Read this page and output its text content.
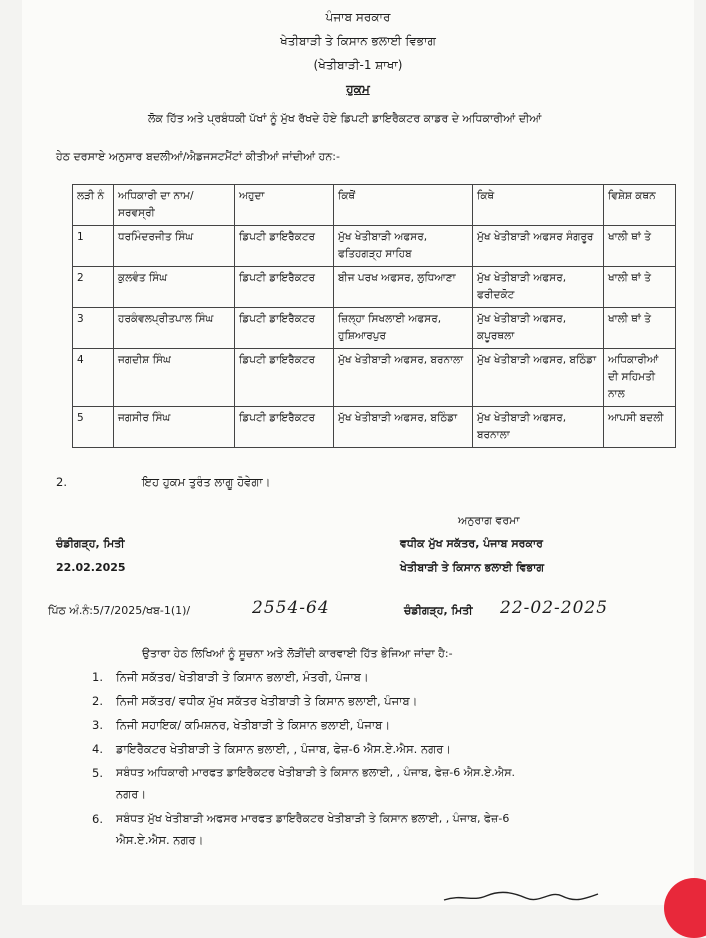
ਪੰਜਾਬ ਸਰਕਾਰ
ਖੇਤੀਬਾੜੀ ਤੇ ਕਿਸਾਨ ਭਲਾਈ ਵਿਭਾਗ
(ਖੇਤੀਬਾੜੀ-1 ਸ਼ਾਖਾ)
ਹੁਕਮ
ਲੋਕ ਹਿੱਤ ਅਤੇ ਪ੍ਰਬੰਧਕੀ ਪੱਖਾਂ ਨੂੰ ਮੁੱਖ ਰੱਖਦੇ ਹੋਏ ਡਿਪਟੀ ਡਾਇਰੈਕਟਰ ਕਾਡਰ ਦੇ ਅਧਿਕਾਰੀਆਂ ਦੀਆਂ
ਹੇਠ ਦਰਸਾਏ ਅਨੁਸਾਰ ਬਦਲੀਆਂ/ਐਡਜਸਟਮੈਂਟਾਂ ਕੀਤੀਆਂ ਜਾਂਦੀਆਂ ਹਨ:-
ਲੜੀ ਨੰ	ਅਧਿਕਾਰੀ ਦਾ ਨਾਮ/ਸਰਵਸ੍ਰੀ	ਅਹੁਦਾ	ਕਿਥੋਂ	ਕਿਥੇ	ਵਿਸ਼ੇਸ਼ ਕਥਨ
1	ਧਰਮਿੰਦਰਜੀਤ ਸਿੰਘ	ਡਿਪਟੀ ਡਾਇਰੈਕਟਰ	ਮੁੱਖ ਖੇਤੀਬਾੜੀ ਅਫਸਰ, ਫਤਿਹਗੜ੍ਹ ਸਾਹਿਬ	ਮੁੱਖ ਖੇਤੀਬਾੜੀ ਅਫਸਰ ਸੰਗਰੂਰ	ਖਾਲੀ ਥਾਂ ਤੇ
2	ਕੁਲਵੰਤ ਸਿੰਘ	ਡਿਪਟੀ ਡਾਇਰੈਕਟਰ	ਬੀਜ ਪਰਖ ਅਫਸਰ, ਲੁਧਿਆਣਾ	ਮੁੱਖ ਖੇਤੀਬਾੜੀ ਅਫਸਰ, ਫਰੀਦਕੋਟ	ਖਾਲੀ ਥਾਂ ਤੇ
3	ਹਰਕੰਵਲਪ੍ਰੀਤਪਾਲ ਸਿੰਘ	ਡਿਪਟੀ ਡਾਇਰੈਕਟਰ	ਜ਼ਿਲ੍ਹਾ ਸਿਖਲਾਈ ਅਫਸਰ, ਹੁਸ਼ਿਆਰਪੁਰ	ਮੁੱਖ ਖੇਤੀਬਾੜੀ ਅਫਸਰ, ਕਪੂਰਥਲਾ	ਖਾਲੀ ਥਾਂ ਤੇ
4	ਜਗਦੀਸ਼ ਸਿੰਘ	ਡਿਪਟੀ ਡਾਇਰੈਕਟਰ	ਮੁੱਖ ਖੇਤੀਬਾੜੀ ਅਫਸਰ, ਬਰਨਾਲਾ	ਮੁੱਖ ਖੇਤੀਬਾੜੀ ਅਫਸਰ, ਬਠਿੰਡਾ	ਅਧਿਕਾਰੀਆਂ ਦੀ ਸਹਿਮਤੀ ਨਾਲ
5	ਜਗਸੀਰ ਸਿੰਘ	ਡਿਪਟੀ ਡਾਇਰੈਕਟਰ	ਮੁੱਖ ਖੇਤੀਬਾੜੀ ਅਫਸਰ, ਬਠਿੰਡਾ	ਮੁੱਖ ਖੇਤੀਬਾੜੀ ਅਫਸਰ, ਬਰਨਾਲਾ	ਆਪਸੀ ਬਦਲੀ
2.	ਇਹ ਹੁਕਮ ਤੁਰੰਤ ਲਾਗੂ ਹੋਵੇਗਾ।
ਅਨੁਰਾਗ ਵਰਮਾ
ਵਧੀਕ ਮੁੱਖ ਸਕੱਤਰ, ਪੰਜਾਬ ਸਰਕਾਰ
ਖੇਤੀਬਾੜੀ ਤੇ ਕਿਸਾਨ ਭਲਾਈ ਵਿਭਾਗ
ਚੰਡੀਗੜ੍ਹ, ਮਿਤੀ
22.02.2025
ਪਿੱਠ ਅੰ.ਨੰ:5/7/2025/ਖਬ-1(1)/	2554-64	ਚੰਡੀਗੜ੍ਹ, ਮਿਤੀ 22-02-2025
ਉਤਾਰਾ ਹੇਠ ਲਿਖਿਆਂ ਨੂੰ ਸੂਚਨਾ ਅਤੇ ਲੋੜੀਂਦੀ ਕਾਰਵਾਈ ਹਿੱਤ ਭੇਜਿਆ ਜਾਂਦਾ ਹੈ:-
1. ਨਿਜੀ ਸਕੱਤਰ/ ਖੇਤੀਬਾੜੀ ਤੇ ਕਿਸਾਨ ਭਲਾਈ, ਮੰਤਰੀ, ਪੰਜਾਬ।
2. ਨਿਜੀ ਸਕੱਤਰ/ ਵਧੀਕ ਮੁੱਖ ਸਕੱਤਰ ਖੇਤੀਬਾੜੀ ਤੇ ਕਿਸਾਨ ਭਲਾਈ, ਪੰਜਾਬ।
3. ਨਿਜੀ ਸਹਾਇਕ/ ਕਮਿਸ਼ਨਰ, ਖੇਤੀਬਾੜੀ ਤੇ ਕਿਸਾਨ ਭਲਾਈ, ਪੰਜਾਬ।
4. ਡਾਇਰੈਕਟਰ ਖੇਤੀਬਾੜੀ ਤੇ ਕਿਸਾਨ ਭਲਾਈ, , ਪੰਜਾਬ, ਫੇਜ਼-6 ਐਸ.ਏ.ਐਸ. ਨਗਰ।
5. ਸਬੰਧਤ ਅਧਿਕਾਰੀ ਮਾਰਫਤ ਡਾਇਰੈਕਟਰ ਖੇਤੀਬਾੜੀ ਤੇ ਕਿਸਾਨ ਭਲਾਈ, , ਪੰਜਾਬ, ਫੇਜ਼-6 ਐਸ.ਏ.ਐਸ.
ਨਗਰ।
6. ਸਬੰਧਤ ਮੁੱਖ ਖੇਤੀਬਾੜੀ ਅਫਸਰ ਮਾਰਫਤ ਡਾਇਰੈਕਟਰ ਖੇਤੀਬਾੜੀ ਤੇ ਕਿਸਾਨ ਭਲਾਈ, , ਪੰਜਾਬ, ਫੇਜ਼-6
ਐਸ.ਏ.ਐਸ. ਨਗਰ।
